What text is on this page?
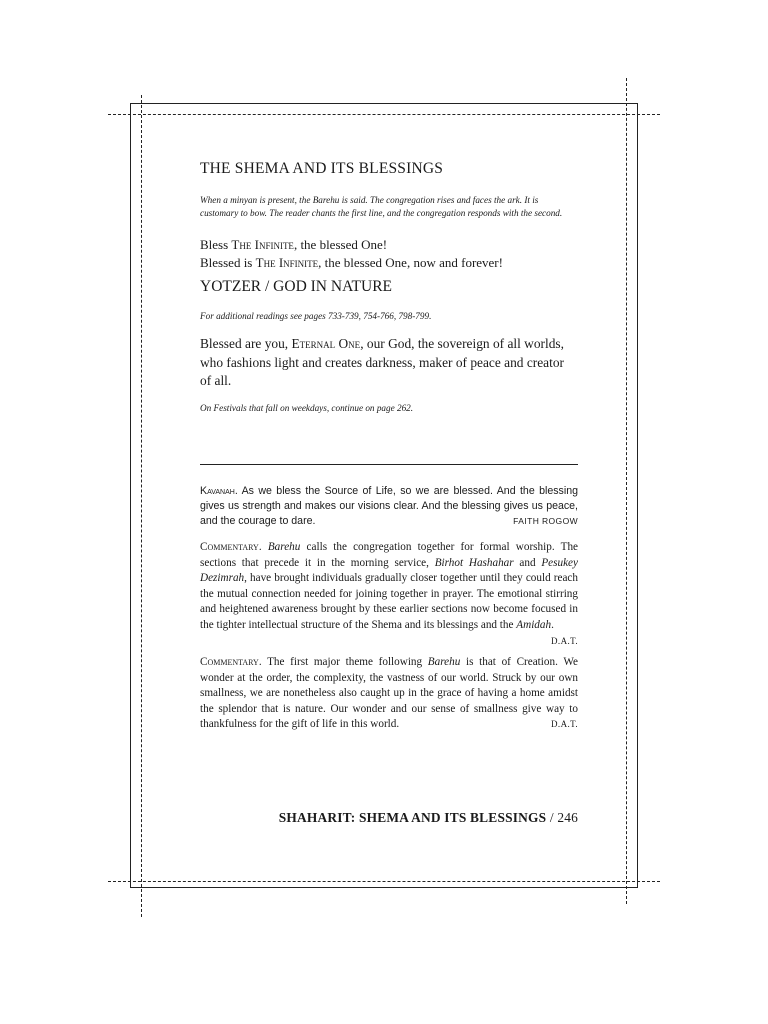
THE SHEMA AND ITS BLESSINGS

When a minyan is present, the Barehu is said. The congregation rises and faces the ark. It is customary to bow. The reader chants the first line, and the congregation responds with the second.

Bless The Infinite, the blessed One!

Blessed is The Infinite, the blessed One, now and forever!

YOTZER / GOD IN NATURE

For additional readings see pages 733-739, 754-766, 798-799.

Blessed are you, Eternal One, our God, the sovereign of all worlds, who fashions light and creates darkness, maker of peace and creator of all.

On Festivals that fall on weekdays, continue on page 262.

Kavanah. As we bless the Source of Life, so we are blessed. And the blessing gives us strength and makes our visions clear. And the blessing gives us peace, and the courage to dare.	FAITH ROGOW
Commentary. Barehu calls the congregation together for formal worship. The sections that precede it in the morning service, Birhot Hashahar and Pesukey Dezimrah, have brought individuals gradually closer together until they could reach the mutual connection needed for joining together in prayer. The emotional stirring and heightened awareness brought by these earlier sections now become focused in the tighter intellectual structure of the Shema and its blessings and the Amidah.
D.A.T.
Commentary. The first major theme following Barehu is that of Creation. We wonder at the order, the complexity, the vastness of our world. Struck by our own smallness, we are nonetheless also caught up in the grace of having a home amidst the splendor that is nature. Our wonder and our sense of smallness give way to thankfulness for the gift of life in this world.	D.A.T.
SHAHARIT: SHEMA AND ITS BLESSINGS / 246
